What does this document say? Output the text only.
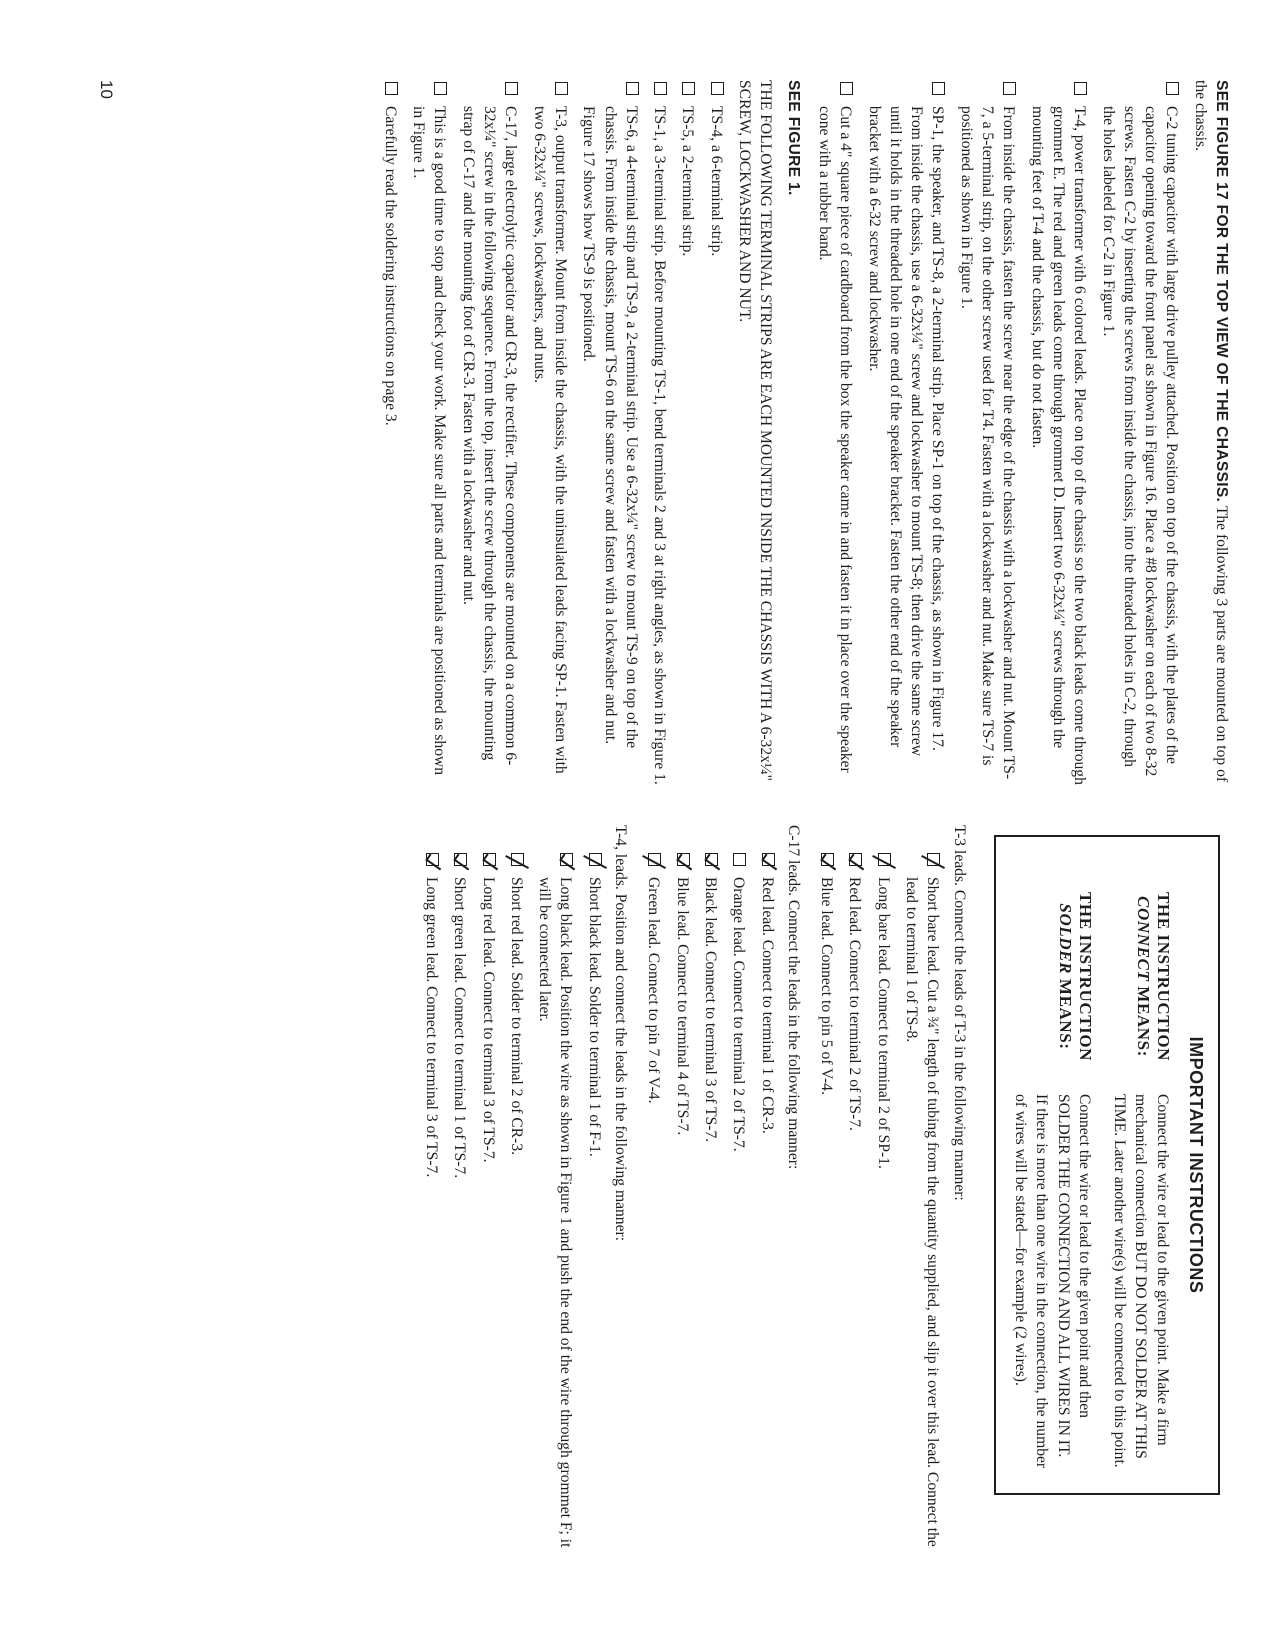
SEE FIGURE 17 FOR THE TOP VIEW OF THE CHASSIS. The following 3 parts are mounted on top of the chassis.

C-2 tuning capacitor with large drive pulley attached. Position on top of the chassis, with the plates of the capacitor opening toward the front panel as shown in Figure 16. Place a #8 lockwasher on each of two 8-32 screws. Fasten C-2 by inserting the screws from inside the chassis, into the threaded holes in C-2, through the holes labeled for C-2 in Figure 1.
T-4, power transformer with 6 colored leads. Place on top of the chassis so the two black leads come through grommet E. The red and green leads come through grommet D. Insert two 6-32x¼" screws through the mounting feet of T-4 and the chassis, but do not fasten.
From inside the chassis, fasten the screw near the edge of the chassis with a lockwasher and nut. Mount TS-7, a 5-terminal strip, on the other screw used for T4. Fasten with a lockwasher and nut. Make sure TS-7 is positioned as shown in Figure 1.
SP-1, the speaker, and TS-8, a 2-terminal strip. Place SP-1 on top of the chassis, as shown in Figure 17. From inside the chassis, use a 6-32x¼" screw and lockwasher to mount TS-8; then drive the same screw until it holds in the threaded hole in one end of the speaker bracket. Fasten the other end of the speaker bracket with a 6-32 screw and lockwasher.
Cut a 4" square piece of cardboard from the box the speaker came in and fasten it in place over the speaker cone with a rubber band.

SEE FIGURE 1.

THE FOLLOWING TERMINAL STRIPS ARE EACH MOUNTED INSIDE THE CHASSIS WITH A 6-32x¼" SCREW, LOCKWASHER AND NUT.

TS-4, a 6-terminal strip.
TS-5, a 2-terminal strip.
TS-1, a 3-terminal strip. Before mounting TS-1, bend terminals 2 and 3 at right angles, as shown in Figure 1.
TS-6, a 4-terminal strip and TS-9, a 2-terminal strip. Use a 6-32x¼" screw to mount TS-9 on top of the chassis. From inside the chassis, mount TS-6 on the same screw and fasten with a lockwasher and nut. Figure 17 shows how TS-9 is positioned.
T-3, output transformer. Mount from inside the chassis, with the uninsulated leads facing SP-1. Fasten with two 6-32x¼" screws, lockwashers, and nuts.
C-17, large electrolytic capacitor and CR-3, the rectifier. These components are mounted on a common 6-32x¼" screw in the following sequence. From the top, insert the screw through the chassis, the mounting strap of C-17 and the mounting foot of CR-3. Fasten with a lockwasher and nut.
This is a good time to stop and check your work. Make sure all parts and terminals are positioned as shown in Figure 1.
Carefully read the soldering instructions on page 3.
10
IMPORTANT INSTRUCTIONS
THE INSTRUCTION
CONNECT MEANS:
Connect the wire or lead to the given point. Make a firm mechanical connection BUT DO NOT SOLDER AT THIS TIME. Later another wire(s) will be connected to this point.
THE INSTRUCTION
SOLDER MEANS:
Connect the wire or lead to the given point and then SOLDER THE CONNECTION AND ALL WIRES IN IT. If there is more than one wire in the connection, the number of wires will be stated—for example (2 wires).

T-3 leads. Connect the leads of T-3 in the following manner:

Short bare lead. Cut a ¾" length of tubing from the quantity supplied, and slip it over this lead. Connect the lead to terminal 1 of TS-8.
Long bare lead. Connect to terminal 2 of SP-1.
Red lead. Connect to terminal 2 of TS-7.
Blue lead. Connect to pin 5 of V-4.

C-17 leads. Connect the leads in the following manner:

Red lead. Connect to terminal 1 of CR-3.
Orange lead. Connect to terminal 2 of TS-7.
Black lead. Connect to terminal 3 of TS-7.
Blue lead. Connect to terminal 4 of TS-7.
Green lead. Connect to pin 7 of V-4.

T-4, leads. Position and connect the leads in the following manner:

Short black lead. Solder to terminal 1 of F-1.
Long black lead. Position the wire as shown in Figure 1 and push the end of the wire through grommet F; it will be connected later.
Short red lead. Solder to terminal 2 of CR-3.
Long red lead. Connect to terminal 3 of TS-7.
Short green lead. Connect to terminal 1 of TS-7.
Long green lead. Connect to terminal 3 of TS-7.
